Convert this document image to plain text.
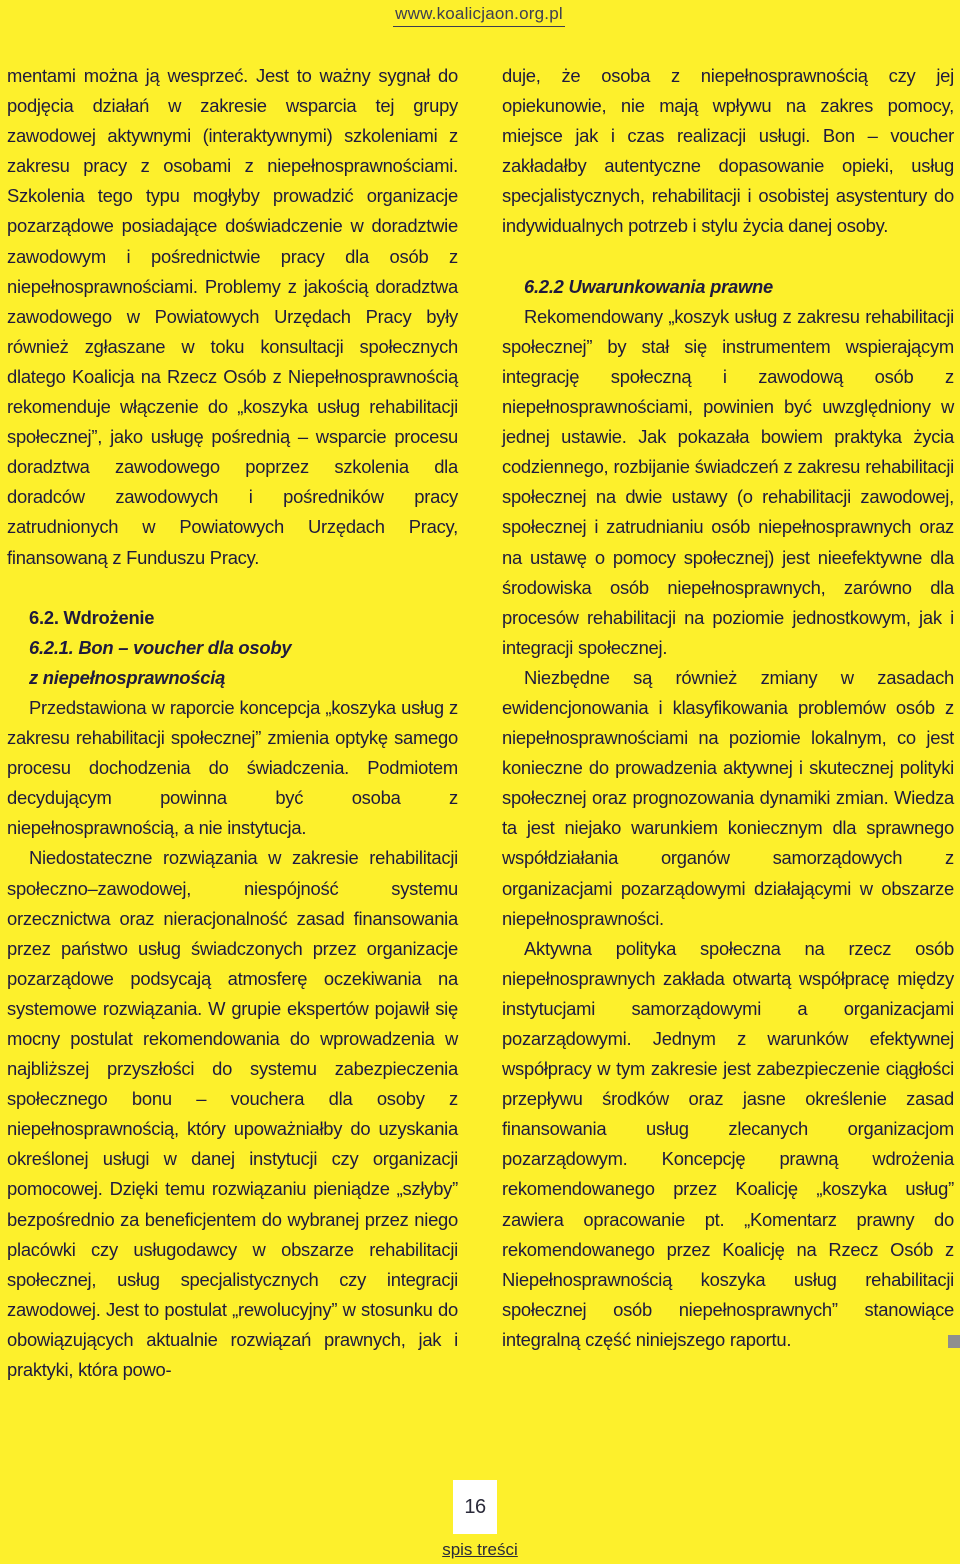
www.koalicjaon.org.pl

mentami można ją wesprzeć. Jest to ważny sygnał do podjęcia działań w zakresie wsparcia tej grupy zawodowej aktywnymi (interaktywnymi) szkoleniami z zakresu pracy z osobami z niepełnosprawnościami. Szkolenia tego typu mogłyby prowadzić organizacje pozarządowe posiadające doświadczenie w doradztwie zawodowym i pośrednictwie pracy dla osób z niepełnosprawnościami. Problemy z jakością doradztwa zawodowego w Powiatowych Urzędach Pracy były również zgłaszane w toku konsultacji społecznych dlatego Koalicja na Rzecz Osób z Niepełnosprawnością rekomenduje włączenie do „koszyka usług rehabilitacji społecznej”, jako usługę pośrednią – wsparcie procesu doradztwa zawodowego poprzez szkolenia dla doradców zawodowych i pośredników pracy zatrudnionych w Powiatowych Urzędach Pracy, finansowaną z Funduszu Pracy.

6.2. Wdrożenie

6.2.1. Bon – voucher dla osoby

z niepełnosprawnością

Przedstawiona w raporcie koncepcja „koszyka usług z zakresu rehabilitacji społecznej” zmienia optykę samego procesu dochodzenia do świadczenia. Podmiotem decydującym powinna być osoba z niepełnosprawnością, a nie instytucja.

Niedostateczne rozwiązania w zakresie rehabilitacji społeczno–zawodowej, niespójność systemu orzecznictwa oraz nieracjonalność zasad finansowania przez państwo usług świadczonych przez organizacje pozarządowe podsycają atmosferę oczekiwania na systemowe rozwiązania. W grupie ekspertów pojawił się mocny postulat rekomendowania do wprowadzenia w najbliższej przyszłości do systemu zabezpieczenia społecznego bonu – vouchera dla osoby z niepełnosprawnością, który upoważniałby do uzyskania określonej usługi w danej instytucji czy organizacji pomocowej. Dzięki temu rozwiązaniu pieniądze „szłyby” bezpośrednio za beneficjentem do wybranej przez niego placówki czy usługodawcy w obszarze rehabilitacji społecznej, usług specjalistycznych czy integracji zawodowej. Jest to postulat „rewolucyjny” w stosunku do obowiązujących aktualnie rozwiązań prawnych, jak i praktyki, która powo-

duje, że osoba z niepełnosprawnością czy jej opiekunowie, nie mają wpływu na zakres pomocy, miejsce jak i czas realizacji usługi. Bon – voucher zakładałby autentyczne dopasowanie opieki, usług specjalistycznych, rehabilitacji i osobistej asystentury do indywidualnych potrzeb i stylu życia danej osoby.

6.2.2 Uwarunkowania prawne

Rekomendowany „koszyk usług z zakresu rehabilitacji społecznej” by stał się instrumentem wspierającym integrację społeczną i zawodową osób z niepełnosprawnościami, powinien być uwzględniony w jednej ustawie. Jak pokazała bowiem praktyka życia codziennego, rozbijanie świadczeń z zakresu rehabilitacji społecznej na dwie ustawy (o rehabilitacji zawodowej, społecznej i zatrudnianiu osób niepełnosprawnych oraz na ustawę o pomocy społecznej) jest nieefektywne dla środowiska osób niepełnosprawnych, zarówno dla procesów rehabilitacji na poziomie jednostkowym, jak i integracji społecznej.

Niezbędne są również zmiany w zasadach ewidencjonowania i klasyfikowania problemów osób z niepełnosprawnościami na poziomie lokalnym, co jest konieczne do prowadzenia aktywnej i skutecznej polityki społecznej oraz prognozowania dynamiki zmian. Wiedza ta jest niejako warunkiem koniecznym dla sprawnego współdziałania organów samorządowych z organizacjami pozarządowymi działającymi w obszarze niepełnosprawności.

Aktywna polityka społeczna na rzecz osób niepełnosprawnych zakłada otwartą współpracę między instytucjami samorządowymi a organizacjami pozarządowymi. Jednym z warunków efektywnej współpracy w tym zakresie jest zabezpieczenie ciągłości przepływu środków oraz jasne określenie zasad finansowania usług zlecanych organizacjom pozarządowym. Koncepcję prawną wdrożenia rekomendowanego przez Koalicję „koszyka usług” zawiera opracowanie pt. „Komentarz prawny do rekomendowanego przez Koalicję na Rzecz Osób z Niepełnosprawnością koszyka usług rehabilitacji społecznej osób niepełnosprawnych” stanowiące integralną część niniejszego raportu.

16
spis treści
